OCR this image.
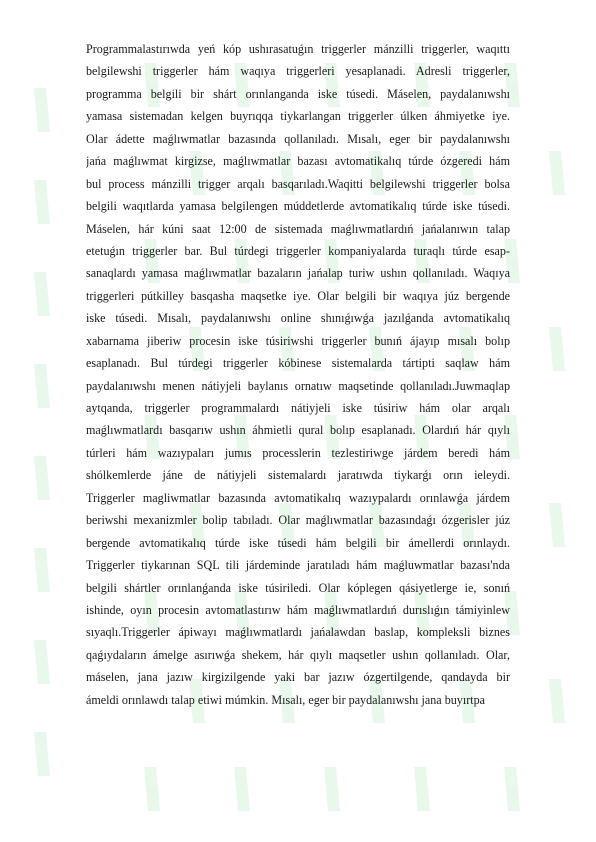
Programmalastırıwda yeń kóp ushırasatuǵın triggerler mánzilli triggerler, waqıttı
belgilewshi triggerler hám waqıya triggerleri yesaplanadi. Adresli triggerler,
programma belgili bir shárt orınlanganda iske túsedi. Máselen, paydalanıwshı
yamasa sistemadan kelgen buyrıqqa tiykarlangan triggerler úlken áhmiyetke iye.
Olar ádette maǵlıwmatlar bazasında qollanıladı. Mısalı, eger bir paydalanıwshı
jańa maǵlıwmat kirgizse, maǵlıwmatlar bazası avtomatikalıq túrde ózgeredi hám
bul process mánzilli trigger arqalı basqarıladı.Waqitti belgilewshi triggerler bolsa
belgili waqıtlarda yamasa belgilengen múddetlerde avtomatikalıq túrde iske túsedi.
Máselen, hár kúni saat 12:00 de sistemada maǵlıwmatlardıń jańalanıwın talap
etetuǵın triggerler bar. Bul túrdegi triggerler kompaniyalarda turaqlı túrde esap-
sanaqlardı yamasa maǵlıwmatlar bazaların jańalap turiw ushın qollanıladı. Waqıya
triggerleri pútkilley basqasha maqsetke iye. Olar belgili bir waqıya júz bergende
iske túsedi. Mısalı, paydalanıwshı online shınıǵıwǵa jazılǵanda avtomatikalıq
xabarnama jiberiw procesin iske túsiriwshi triggerler bunıń ájayıp mısalı bolıp
esaplanadı. Bul túrdegi triggerler kóbinese sistemalarda tártipti saqlaw hám
paydalanıwshı menen nátiyjeli baylanıs ornatıw maqsetinde qollanıladı.Juwmaqlap
aytqanda, triggerler programmalardı nátiyjeli iske túsiriw hám olar arqalı
maǵlıwmatlardı basqarıw ushın áhmietli qural bolıp esaplanadı. Olardıń hár qıylı
túrleri hám wazıypaları jumıs processlerin tezlestiriwge járdem beredi hám
shólkemlerde jáne de nátiyjeli sistemalardı jaratıwda tiykarǵı orın ieleydi.
Triggerler magliwmatlar bazasında avtomatikalıq wazıypalardı orınlawǵa járdem
beriwshi mexanizmler bolip tabıladı. Olar maǵlıwmatlar bazasındaǵı ózgerisler júz
bergende avtomatikalıq túrde iske túsedi hám belgili bir ámellerdi orınlaydı.
Triggerler tiykarınan SQL tili járdeminde jaratıladı hám maǵluwmatlar bazası'nda
belgili shártler orınlanǵanda iske túsiriledi. Olar kóplegen qásiyetlerge ie, sonıń
ishinde, oyın procesin avtomatlastırıw hám maǵlıwmatlardıń durıslıǵın támiyinlew
sıyaqlı.Triggerler ápiwayı maǵlıwmatlardı jańalawdan baslap, kompleksli biznes
qaǵıydaların ámelge asırıwǵa shekem, hár qıylı maqsetler ushın qollanıladı. Olar,
máselen, jana jazıw kirgizilgende yaki bar jazıw ózgertilgende, qandayda bir
ámeldi orınlawdı talap etiwi múmkin. Mısalı, eger bir paydalanıwshı jana buyırtpa
